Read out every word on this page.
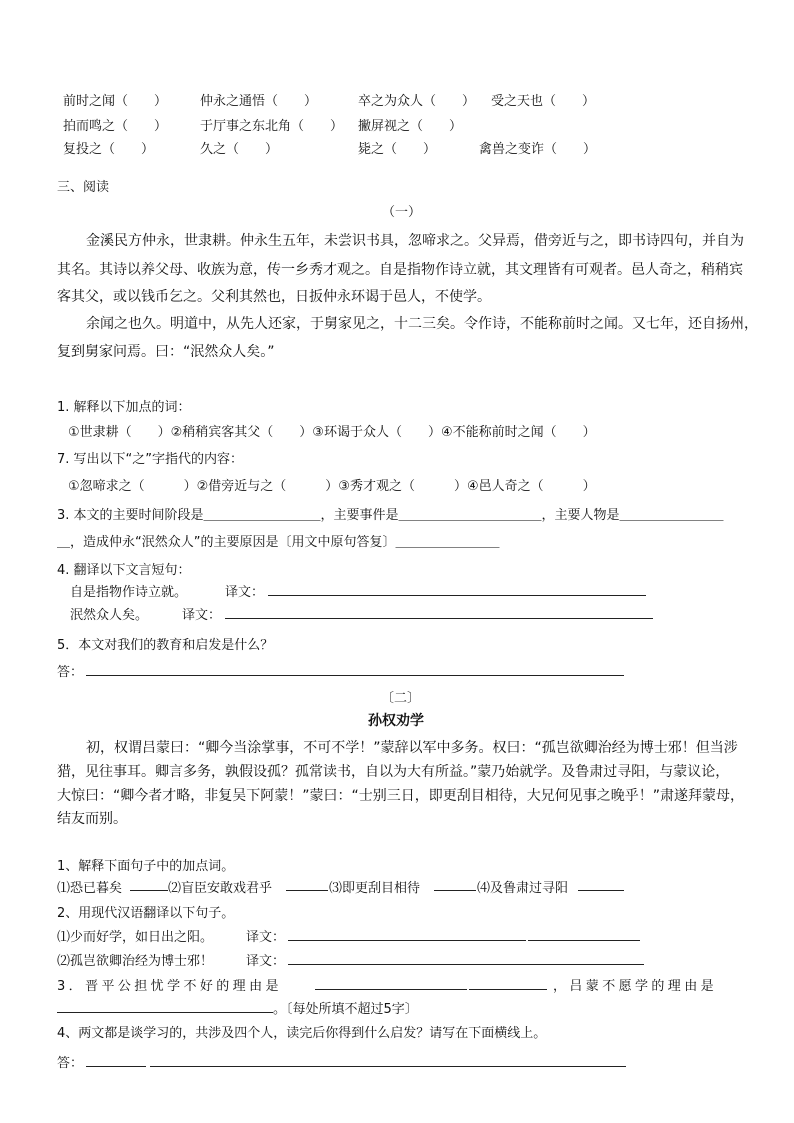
前时之闻（　　）	仲永之通悟（　　）	卒之为众人（　　） 受之天也（　　）
拍而鸣之（　　）	于厅事之东北角（　　） 撇屏视之（　　）
复投之（　　）	久之（　　）	毙之（　　）	禽兽之变诈（　　）
三、阅读
（一）
金溪民方仲永，世隶耕。仲永生五年，未尝识书具，忽啼求之。父异焉，借旁近与之，即书诗四句，并自为
其名。其诗以养父母、收族为意，传一乡秀才观之。自是指物作诗立就，其文理皆有可观者。邑人奇之，稍稍宾
客其父，或以钱币乞之。父利其然也，日扳仲永环谒于邑人，不使学。
余闻之也久。明道中，从先人还家，于舅家见之，十二三矣。令作诗，不能称前时之闻。又七年，还自扬州，
复到舅家问焉。曰：“泯然众人矣。”
1. 解释以下加点的词：
①世隶耕（　　）②稍稍宾客其父（　　）③环谒于众人（　　）④不能称前时之闻（　　）
7. 写出以下“之”字指代的内容：
①忽啼求之（　　　）②借旁近与之（　　　）③秀才观之（　　　）④邑人奇之（　　　）
3. 本文的主要时间阶段是＿＿＿＿＿＿＿＿＿，主要事件是＿＿＿＿＿＿＿＿＿＿＿，主要人物是＿＿＿＿＿＿＿＿
＿，造成仲永“泯然众人”的主要原因是〔用文中原句答复〕＿＿＿＿＿＿＿＿
4. 翻译以下文言短句：
自是指物作诗立就。	译文：
泯然众人矣。	译文：
5．本文对我们的教育和启发是什么？
答：
〔二〕
孙权劝学
初，权谓吕蒙曰：“卿今当涂掌事，不可不学！”蒙辞以军中多务。权曰：“孤岂欲卿治经为博士邪！但当涉
猎，见往事耳。卿言多务，孰假设孤？孤常读书，自以为大有所益。”蒙乃始就学。及鲁肃过寻阳，与蒙议论，
大惊曰：“卿今者才略，非复吴下阿蒙！”蒙曰：“士别三日，即更刮目相待，大兄何见事之晚乎！”肃遂拜蒙母，
结友而别。
1、解释下面句子中的加点词。
⑴恐已暮矣	⑵盲臣安敢戏君乎	⑶即更刮目相待	⑷及鲁肃过寻阳
2、用现代汉语翻译以下句子。
⑴少而好学，如日出之阳。	译文：
⑵孤岂欲卿治经为博士邪！	译文：
3．晋平公担忧学不好的理由是	，吕蒙不愿学的理由是
。〔每处所填不超过5字〕
4、两文都是谈学习的，共涉及四个人，读完后你得到什么启发？请写在下面横线上。
答：
